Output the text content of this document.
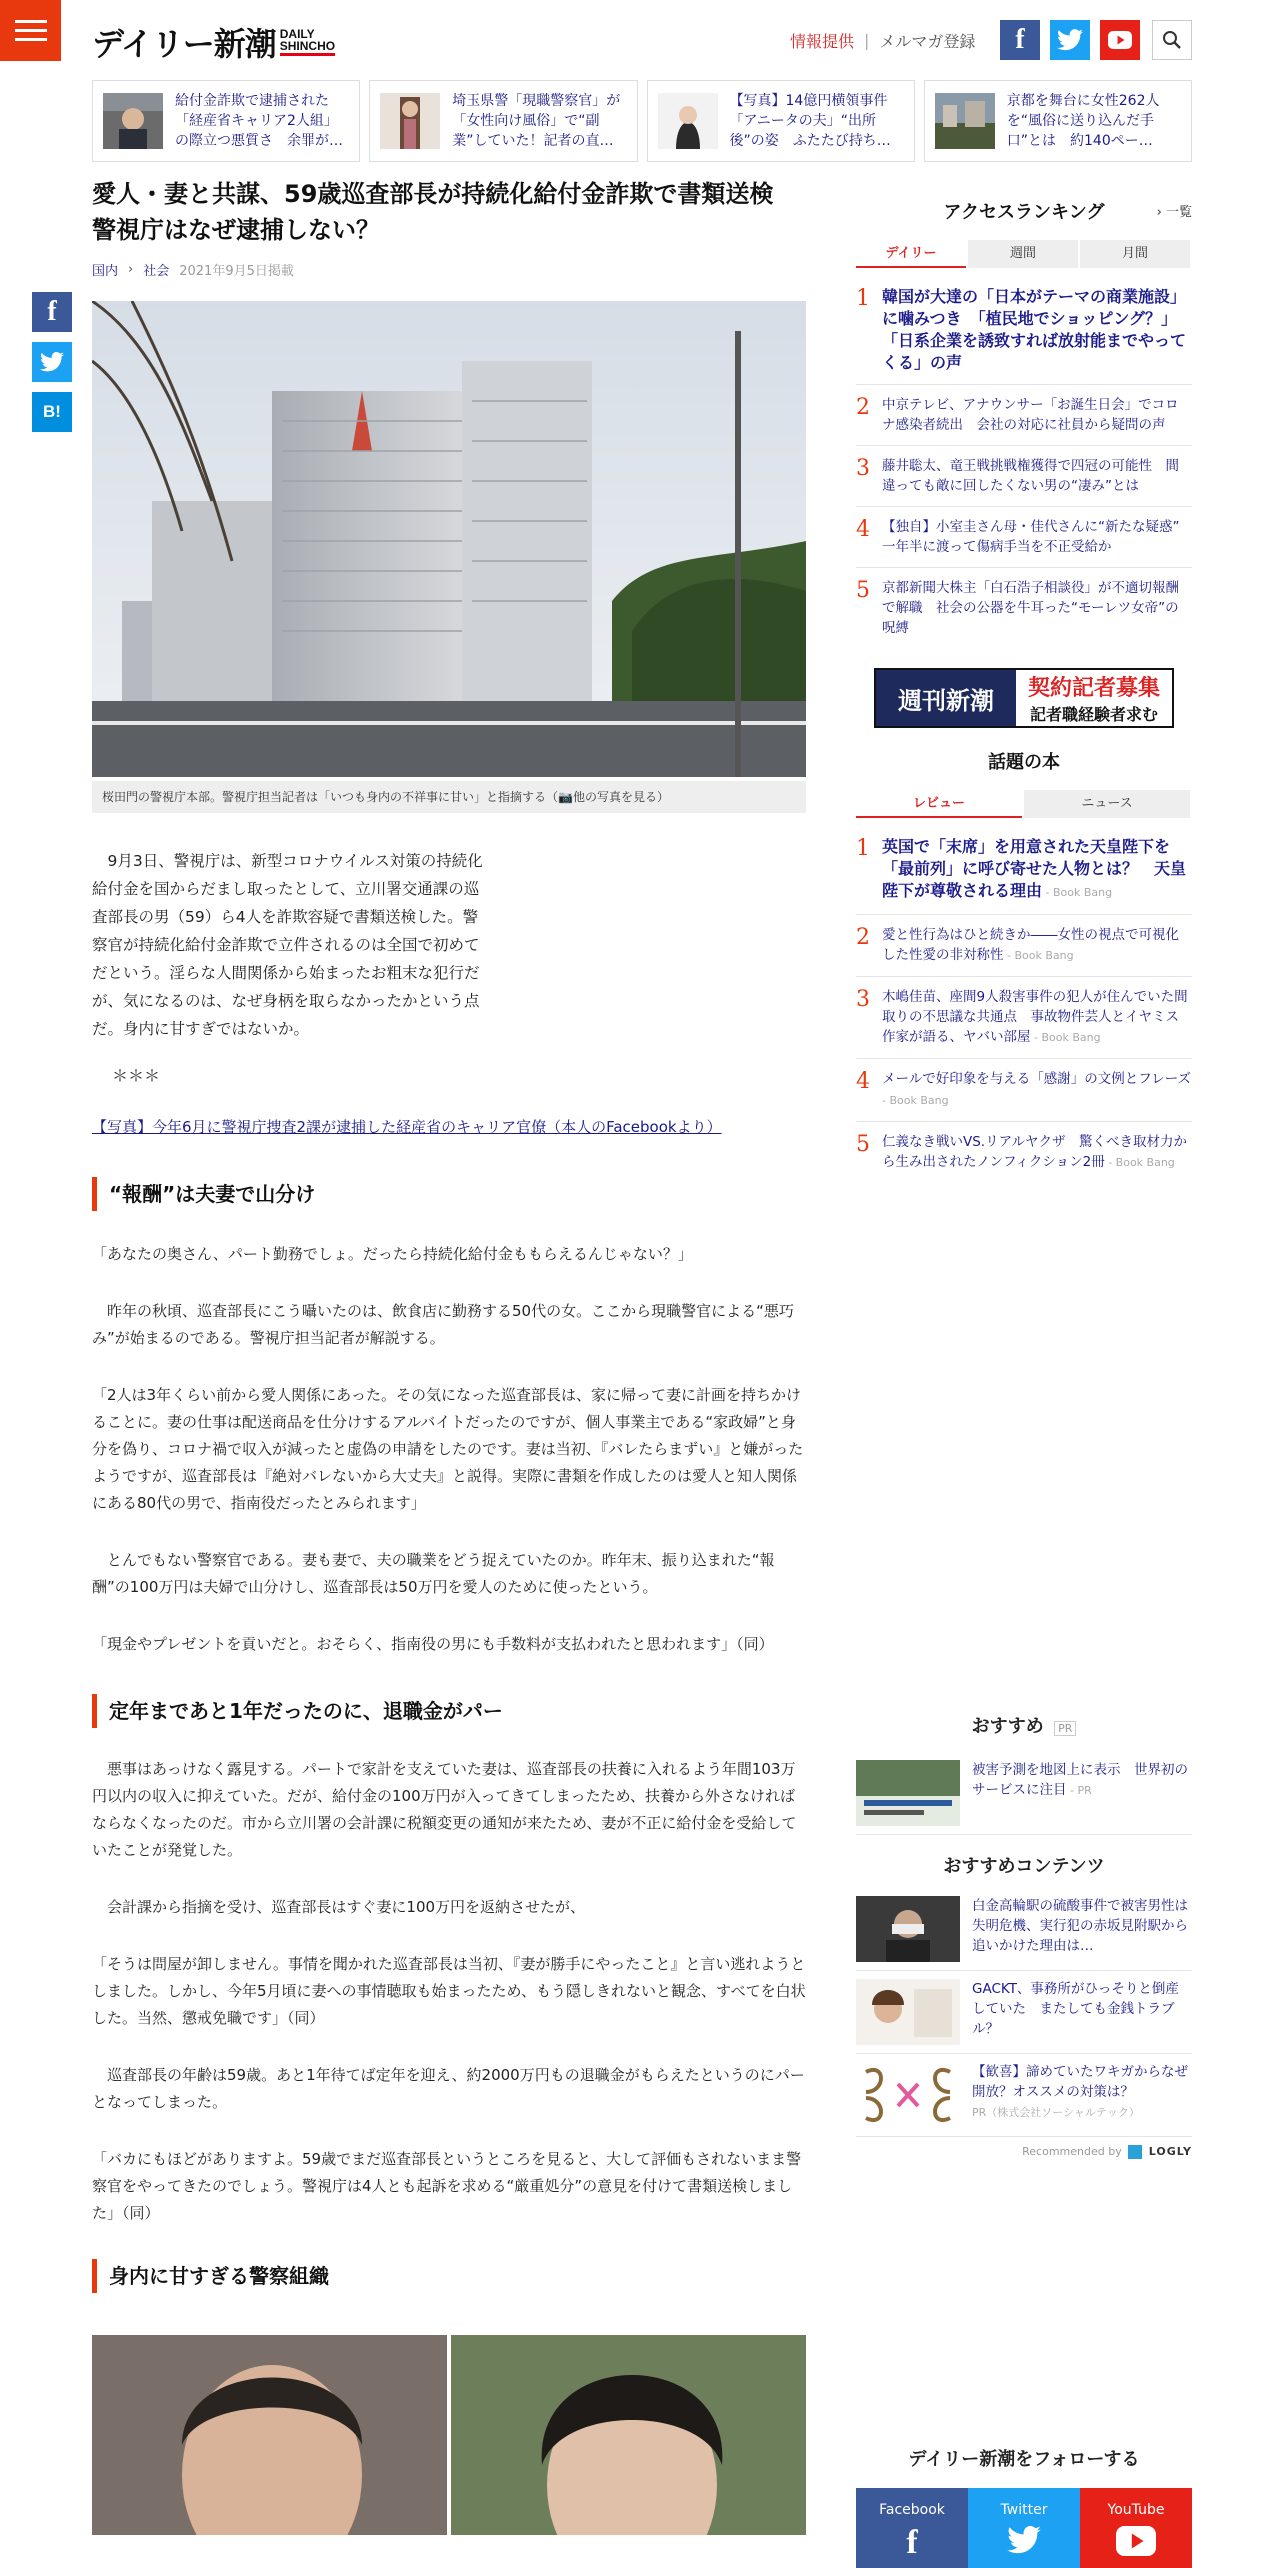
デイリー新潮 DAILY
SHINCHO	情報提供 | メルマガ登録	f
給付金詐欺で逮捕された「経産省キャリア2人組」の際立つ悪質さ　余罪が…
埼玉県警「現職警察官」が「女性向け風俗」で“副業”していた！記者の直…
【写真】14億円横領事件「アニータの夫」“出所後”の姿　ふたたび持ち…
京都を舞台に女性262人を“風俗に送り込んだ手口”とは　約140ペー…
f
B!
愛人・妻と共謀、59歳巡査部長が持続化給付金詐欺で書類送検　警視庁はなぜ逮捕しない？
国内 › 社会 2021年9月5日掲載
桜田門の警視庁本部。警視庁担当記者は「いつも身内の不祥事に甘い」と指摘する（📷他の写真を見る）

9月3日、警視庁は、新型コロナウイルス対策の持続化給付金を国からだまし取ったとして、立川署交通課の巡査部長の男（59）ら4人を詐欺容疑で書類送検した。警察官が持続化給付金詐欺で立件されるのは全国で初めてだという。淫らな人間関係から始まったお粗末な犯行だが、気になるのは、なぜ身柄を取らなかったかという点だ。身内に甘すぎではないか。

＊＊＊
【写真】今年6月に警視庁捜査2課が逮捕した経産省のキャリア官僚（本人のFacebookより）
“報酬”は夫妻で山分け

「あなたの奥さん、パート勤務でしょ。だったら持続化給付金ももらえるんじゃない？」

昨年の秋頃、巡査部長にこう囁いたのは、飲食店に勤務する50代の女。ここから現職警官による“悪巧み”が始まるのである。警視庁担当記者が解説する。

「2人は3年くらい前から愛人関係にあった。その気になった巡査部長は、家に帰って妻に計画を持ちかけることに。妻の仕事は配送商品を仕分けするアルバイトだったのですが、個人事業主である“家政婦”と身分を偽り、コロナ禍で収入が減ったと虚偽の申請をしたのです。妻は当初、『バレたらまずい』と嫌がったようですが、巡査部長は『絶対バレないから大丈夫』と説得。実際に書類を作成したのは愛人と知人関係にある80代の男で、指南役だったとみられます」

とんでもない警察官である。妻も妻で、夫の職業をどう捉えていたのか。昨年末、振り込まれた“報酬”の100万円は夫婦で山分けし、巡査部長は50万円を愛人のために使ったという。

「現金やプレゼントを貢いだと。おそらく、指南役の男にも手数料が支払われたと思われます」（同）

定年まであと1年だったのに、退職金がパー

悪事はあっけなく露見する。パートで家計を支えていた妻は、巡査部長の扶養に入れるよう年間103万円以内の収入に抑えていた。だが、給付金の100万円が入ってきてしまったため、扶養から外さなければならなくなったのだ。市から立川署の会計課に税額変更の通知が来たため、妻が不正に給付金を受給していたことが発覚した。

会計課から指摘を受け、巡査部長はすぐ妻に100万円を返納させたが、

「そうは問屋が卸しません。事情を聞かれた巡査部長は当初、『妻が勝手にやったこと』と言い逃れようとしました。しかし、今年5月頃に妻への事情聴取も始まったため、もう隠しきれないと観念、すべてを白状した。当然、懲戒免職です」（同）

巡査部長の年齢は59歳。あと1年待てば定年を迎え、約2000万円もの退職金がもらえたというのにパーとなってしまった。

「バカにもほどがありますよ。59歳でまだ巡査部長というところを見ると、大して評価もされないまま警察官をやってきたのでしょう。警視庁は4人とも起訴を求める“厳重処分”の意見を付けて書類送検しました」（同）

身内に甘すぎる警察組織
アクセスランキング	› 一覧
デイリー	週間	月間
1 韓国が大達の「日本がテーマの商業施設」に噛みつき　「植民地でショッピング？」「日系企業を誘致すれば放射能までやってくる」の声
2 中京テレビ、アナウンサー「お誕生日会」でコロナ感染者続出　会社の対応に社員から疑問の声
3 藤井聡太、竜王戦挑戦権獲得で四冠の可能性　間違っても敵に回したくない男の“凄み”とは
4 【独自】小室圭さん母・佳代さんに“新たな疑惑”　一年半に渡って傷病手当を不正受給か
5 京都新聞大株主「白石浩子相談役」が不適切報酬で解職　社会の公器を牛耳った“モーレツ女帝”の呪縛
週刊新潮	契約記者募集
記者職経験者求む
話題の本
レビュー	ニュース
1 英国で「末席」を用意された天皇陛下を「最前列」に呼び寄せた人物とは？　天皇陛下が尊敬される理由 - Book Bang
2 愛と性行為はひと続きか――女性の視点で可視化した性愛の非対称性 - Book Bang
3 木嶋佳苗、座間9人殺害事件の犯人が住んでいた間取りの不思議な共通点　事故物件芸人とイヤミス作家が語る、ヤバい部屋 - Book Bang
4 メールで好印象を与える「感謝」の文例とフレーズ - Book Bang
5 仁義なき戦いVS.リアルヤクザ　驚くべき取材力から生み出されたノンフィクション2冊 - Book Bang
おすすめ PR
被害予測を地図上に表示　世界初のサービスに注目 - PR
おすすめコンテンツ
白金高輪駅の硫酸事件で被害男性は失明危機、実行犯の赤坂見附駅から追いかけた理由は…
GACKT、事務所がひっそりと倒産していた　またしても金銭トラブル？
【歓喜】諦めていたワキガからなぜ開放？オススメの対策は？
PR（株式会社ソーシャルテック）
Recommended by LOGLY
デイリー新潮をフォローする
Facebook
f
Twitter	YouTube
